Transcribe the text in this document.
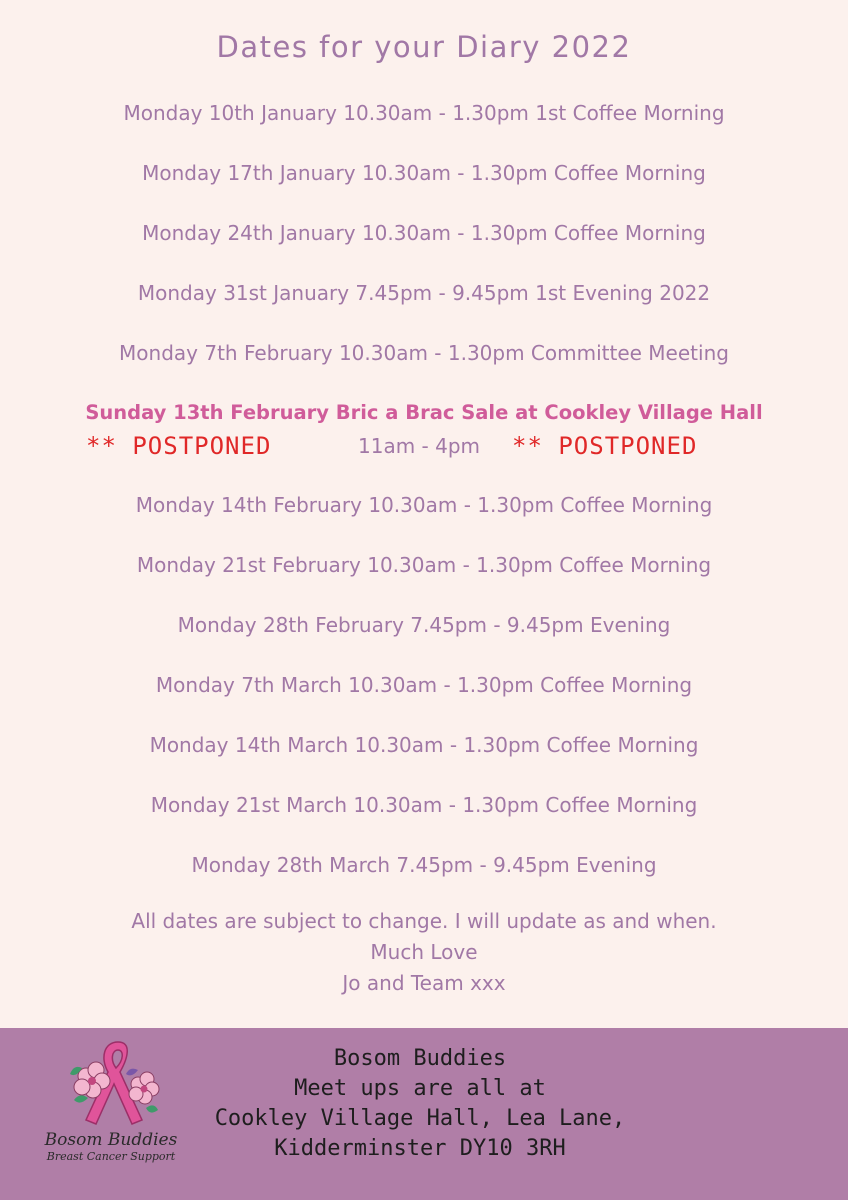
Dates for your Diary 2022
Monday 10th January 10.30am - 1.30pm 1st Coffee Morning
Monday 17th January 10.30am - 1.30pm Coffee Morning
Monday 24th January 10.30am - 1.30pm Coffee Morning
Monday 31st January 7.45pm - 9.45pm 1st Evening 2022
Monday 7th February 10.30am - 1.30pm Committee Meeting
Sunday 13th February Bric a Brac Sale at Cookley Village Hall
** POSTPONED	11am - 4pm ** POSTPONED
Monday 14th February 10.30am - 1.30pm Coffee Morning
Monday 21st February 10.30am - 1.30pm Coffee Morning
Monday 28th February 7.45pm - 9.45pm Evening
Monday 7th March 10.30am - 1.30pm Coffee Morning
Monday 14th March 10.30am - 1.30pm Coffee Morning
Monday 21st March 10.30am - 1.30pm Coffee Morning
Monday 28th March 7.45pm - 9.45pm Evening
All dates are subject to change. I will update as and when.
Much Love
Jo and Team xxx
Bosom Buddies
Breast Cancer Support
Bosom Buddies
Meet ups are all at
Cookley Village Hall, Lea Lane,
Kidderminster DY10 3RH
